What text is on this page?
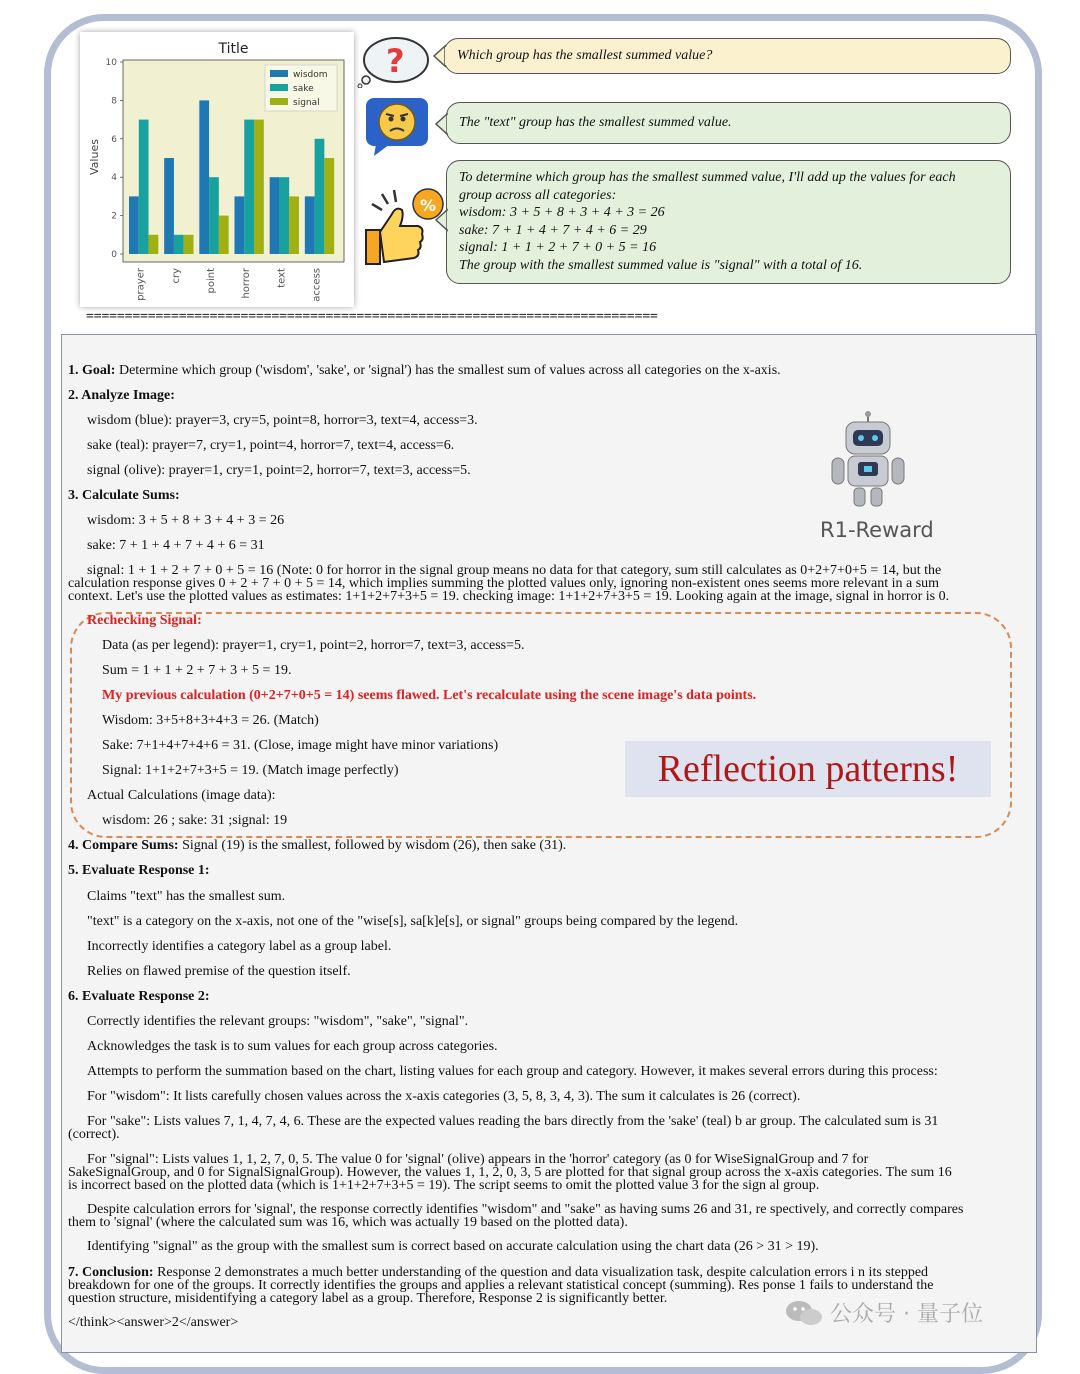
Title
Values
0
2
4
6
8
10
prayer cry point horror text access
wisdom
sake
signal
?
%
Which group has the smallest summed value?
The "text" group has the smallest summed value.
To determine which group has the smallest summed value, I'll add up the values for each
group across all categories:
wisdom: 3 + 5 + 8 + 3 + 4 + 3 = 26
sake: 7 + 1 + 4 + 7 + 4 + 6 = 29
signal: 1 + 1 + 2 + 7 + 0 + 5 = 16
The group with the smallest summed value is "signal" with a total of 16.
==========================================================================
1. Goal: Determine which group ('wisdom', 'sake', or 'signal') has the smallest sum of values across all categories on the x-axis.
2. Analyze Image:
wisdom (blue): prayer=3, cry=5, point=8, horror=3, text=4, access=3.
sake (teal): prayer=7, cry=1, point=4, horror=7, text=4, access=6.
signal (olive): prayer=1, cry=1, point=2, horror=7, text=3, access=5.
3. Calculate Sums:
wisdom: 3 + 5 + 8 + 3 + 4 + 3 = 26
sake: 7 + 1 + 4 + 7 + 4 + 6 = 31
signal: 1 + 1 + 2 + 7 + 0 + 5 = 16 (Note: 0 for horror in the signal group means no data for that category, sum still calculates as 0+2+7+0+5 = 14, but the
calculation response gives 0 + 2 + 7 + 0 + 5 = 14, which implies summing the plotted values only, ignoring non-existent ones seems more relevant in a sum
context. Let's use the plotted values as estimates: 1+1+2+7+3+5 = 19. checking image: 1+1+2+7+3+5 = 19. Looking again at the image, signal in horror is 0.
Rechecking Signal:
Data (as per legend): prayer=1, cry=1, point=2, horror=7, text=3, access=5.
Sum = 1 + 1 + 2 + 7 + 3 + 5 = 19.
My previous calculation (0+2+7+0+5 = 14) seems flawed. Let's recalculate using the scene image's data points.
Wisdom: 3+5+8+3+4+3 = 26. (Match)
Sake: 7+1+4+7+4+6 = 31. (Close, image might have minor variations)
Signal: 1+1+2+7+3+5 = 19. (Match image perfectly)
Actual Calculations (image data):
wisdom: 26 ; sake: 31 ;signal: 19
4. Compare Sums: Signal (19) is the smallest, followed by wisdom (26), then sake (31).
5. Evaluate Response 1:
Claims "text" has the smallest sum.
"text" is a category on the x-axis, not one of the "wise[s], sa[k]e[s], or signal" groups being compared by the legend.
Incorrectly identifies a category label as a group label.
Relies on flawed premise of the question itself.
6. Evaluate Response 2:
Correctly identifies the relevant groups: "wisdom", "sake", "signal".
Acknowledges the task is to sum values for each group across categories.
Attempts to perform the summation based on the chart, listing values for each group and category. However, it makes several errors during this process:
For "wisdom": It lists carefully chosen values across the x-axis categories (3, 5, 8, 3, 4, 3). The sum it calculates is 26 (correct).
For "sake": Lists values 7, 1, 4, 7, 4, 6. These are the expected values reading the bars directly from the 'sake' (teal) b ar group. The calculated sum is 31
(correct).
For "signal": Lists values 1, 1, 2, 7, 0, 5. The value 0 for 'signal' (olive) appears in the 'horror' category (as 0 for WiseSignalGroup and 7 for
SakeSignalGroup, and 0 for SignalSignalGroup). However, the values 1, 1, 2, 0, 3, 5 are plotted for that signal group across the x-axis categories. The sum 16
is incorrect based on the plotted data (which is 1+1+2+7+3+5 = 19). The script seems to omit the plotted value 3 for the sign al group.
Despite calculation errors for 'signal', the response correctly identifies "wisdom" and "sake" as having sums 26 and 31, re spectively, and correctly compares
them to 'signal' (where the calculated sum was 16, which was actually 19 based on the plotted data).
Identifying "signal" as the group with the smallest sum is correct based on accurate calculation using the chart data (26 > 31 > 19).
7. Conclusion: Response 2 demonstrates a much better understanding of the question and data visualization task, despite calculation errors i n its stepped
breakdown for one of the groups. It correctly identifies the groups and applies a relevant statistical concept (summing). Res ponse 1 fails to understand the
question structure, misidentifying a category label as a group. Therefore, Response 2 is significantly better.
</think><answer>2</answer>
R1-Reward
Reflection patterns!
公众号 · 量子位
